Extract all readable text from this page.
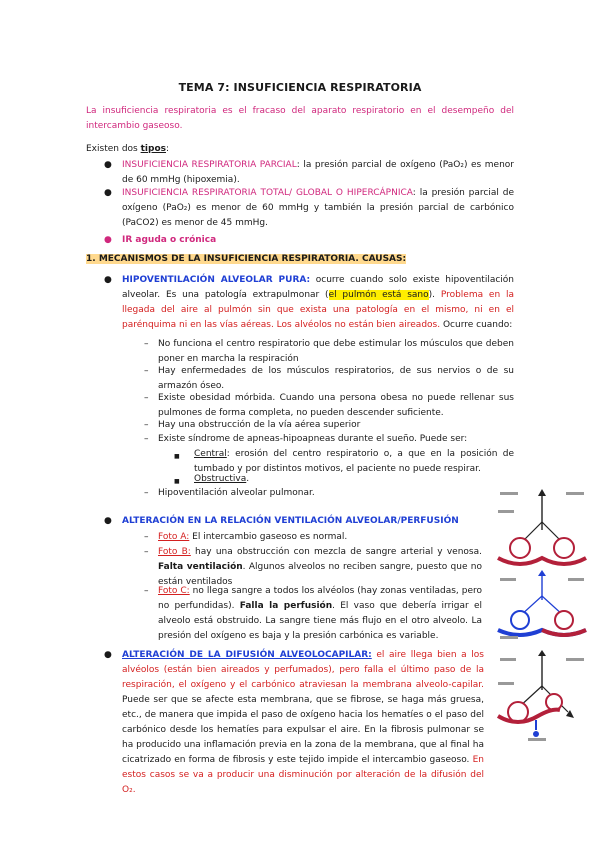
TEMA 7: INSUFICIENCIA RESPIRATORIA
La insuficiencia respiratoria es el fracaso del aparato respiratorio en el desempeño del intercambio gaseoso.
Existen dos tipos:
● INSUFICIENCIA RESPIRATORIA PARCIAL: la presión parcial de oxígeno (PaO₂) es menor de 60 mmHg (hipoxemia).
● INSUFICIENCIA RESPIRATORIA TOTAL/ GLOBAL O HIPERCÁPNICA: la presión parcial de oxígeno (PaO₂) es menor de 60 mmHg y también la presión parcial de carbónico (PaCO2) es menor de 45 mmHg.
● IR aguda o crónica
1. MECANISMOS DE LA INSUFICIENCIA RESPIRATORIA. CAUSAS:
● HIPOVENTILACIÓN ALVEOLAR PURA: ocurre cuando solo existe hipoventilación alveolar. Es una patología extrapulmonar (el pulmón está sano). Problema en la llegada del aire al pulmón sin que exista una patología en el mismo, ni en el parénquima ni en las vías aéreas. Los alvéolos no están bien aireados. Ocurre cuando:
– No funciona el centro respiratorio que debe estimular los músculos que deben poner en marcha la respiración
– Hay enfermedades de los músculos respiratorios, de sus nervios o de su armazón óseo.
– Existe obesidad mórbida. Cuando una persona obesa no puede rellenar sus pulmones de forma completa, no pueden descender suficiente.
– Hay una obstrucción de la vía aérea superior
– Existe síndrome de apneas-hipoapneas durante el sueño. Puede ser:
■ Central: erosión del centro respiratorio o, a que en la posición de tumbado y por distintos motivos, el paciente no puede respirar.
■ Obstructiva.
– Hipoventilación alveolar pulmonar.
● ALTERACIÓN EN LA RELACIÓN VENTILACIÓN ALVEOLAR/PERFUSIÓN
– Foto A: El intercambio gaseoso es normal.
– Foto B: hay una obstrucción con mezcla de sangre arterial y venosa. Falta ventilación. Algunos alveolos no reciben sangre, puesto que no están ventilados
– Foto C: no llega sangre a todos los alvéolos (hay zonas ventiladas, pero no perfundidas). Falla la perfusión. El vaso que debería irrigar el alveolo está obstruido. La sangre tiene más flujo en el otro alveolo. La presión del oxígeno es baja y la presión carbónica es variable.
● ALTERACIÓN DE LA DIFUSIÓN ALVEOLOCAPILAR: el aire llega bien a los alvéolos (están bien aireados y perfumados), pero falla el último paso de la respiración, el oxígeno y el carbónico atraviesan la membrana alveolo-capilar. Puede ser que se afecte esta membrana, que se fibrose, se haga más gruesa, etc., de manera que impida el paso de oxígeno hacia los hematíes o el paso del carbónico desde los hematíes para expulsar el aire. En la fibrosis pulmonar se ha producido una inflamación previa en la zona de la membrana, que al final ha cicatrizado en forma de fibrosis y este tejido impide el intercambio gaseoso. En estos casos se va a producir una disminución por alteración de la difusión del O₂.
